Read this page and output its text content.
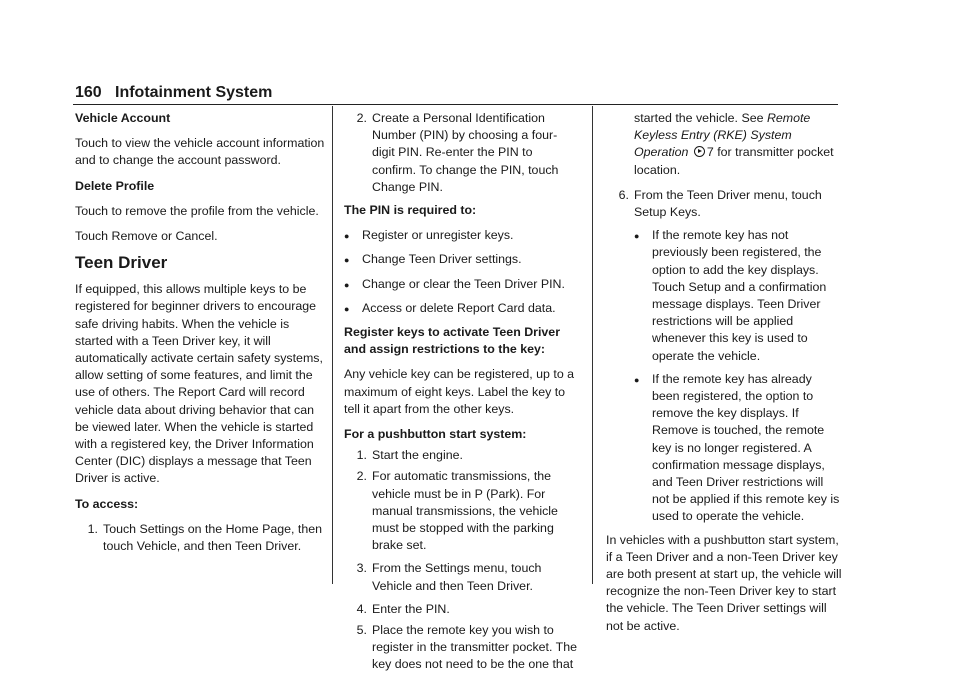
160 Infotainment System

Vehicle Account

Touch to view the vehicle account information and to change the account password.

Delete Profile

Touch to remove the profile from the vehicle.

Touch Remove or Cancel.

Teen Driver

If equipped, this allows multiple keys to be registered for beginner drivers to encourage safe driving habits. When the vehicle is started with a Teen Driver key, it will automatically activate certain safety systems, allow setting of some features, and limit the use of others. The Report Card will record vehicle data about driving behavior that can be viewed later. When the vehicle is started with a registered key, the Driver Information Center (DIC) displays a message that Teen Driver is active.

To access:

1. Touch Settings on the Home Page, then touch Vehicle, and then Teen Driver.
2. Create a Personal Identification Number (PIN) by choosing a four-digit PIN. Re-enter the PIN to confirm. To change the PIN, touch Change PIN.

The PIN is required to:

●	Register or unregister keys.
●	Change Teen Driver settings.
●	Change or clear the Teen Driver PIN.
●	Access or delete Report Card data.

Register keys to activate Teen Driver and assign restrictions to the key:

Any vehicle key can be registered, up to a maximum of eight keys. Label the key to tell it apart from the other keys.

For a pushbutton start system:

1. Start the engine.
2. For automatic transmissions, the vehicle must be in P (Park). For manual transmissions, the vehicle must be stopped with the parking brake set.
3. From the Settings menu, touch Vehicle and then Teen Driver.
4. Enter the PIN.
5. Place the remote key you wish to register in the transmitter pocket. The key does not need to be the one that

started the vehicle. See Remote Keyless Entry (RKE) System Operation 7 for transmitter pocket location.

6. From the Teen Driver menu, touch Setup Keys.
●	If the remote key has not previously been registered, the option to add the key displays. Touch Setup and a confirmation message displays. Teen Driver restrictions will be applied whenever this key is used to operate the vehicle.
●	If the remote key has already been registered, the option to remove the key displays. If Remove is touched, the remote key is no longer registered. A confirmation message displays, and Teen Driver restrictions will not be applied if this remote key is used to operate the vehicle.

In vehicles with a pushbutton start system, if a Teen Driver and a non-Teen Driver key are both present at start up, the vehicle will recognize the non-Teen Driver key to start the vehicle. The Teen Driver settings will not be active.
